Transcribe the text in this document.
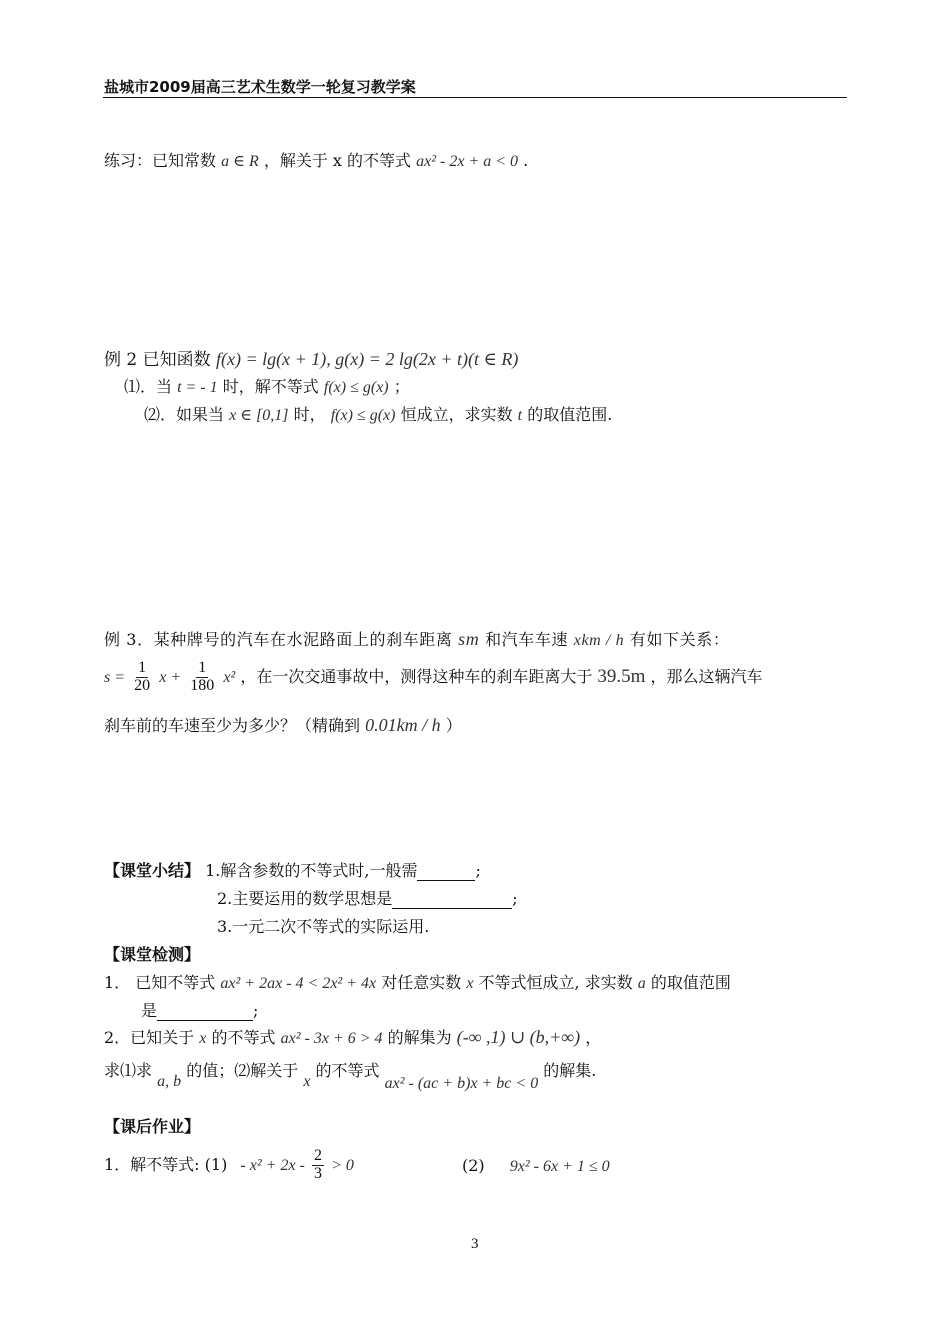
盐城市2009届高三艺术生数学一轮复习教学案
练习：已知常数 a ∈ R ，解关于 x 的不等式 ax² - 2x + a < 0 .
例 2 已知函数 f(x) = lg(x + 1), g(x) = 2 lg(2x + t)(t ∈ R)
⑴．当 t = - 1 时，解不等式 f(x) ≤ g(x) ；
⑵．如果当 x ∈ [0,1] 时， f(x) ≤ g(x) 恒成立，求实数 t 的取值范围.
例 3．某种牌号的汽车在水泥路面上的刹车距离 sm 和汽车车速 xkm / h 有如下关系：
$s = \frac{1}{20}$ $x + \frac{1}{180} x^2$ ，在一次交通事故中，测得这种车的刹车距离大于 39.5m ，那么这辆汽车
刹车前的车速至少为多少？（精确到 0.01km / h ）
【课堂小结】 1.解含参数的不等式时,一般需	;
2.主要运用的数学思想是	;
3.一元二次不等式的实际运用.
【课堂检测】
1． 已知不等式 ax² + 2ax - 4 < 2x² + 4x 对任意实数 x 不等式恒成立, 求实数 a 的取值范围
是	;
2．已知关于 x 的不等式 ax² - 3x + 6 > 4 的解集为 (-∞ ,1) ∪ (b,+∞) ，
求⑴求 a, b 的值；⑵解关于 x 的不等式 ax² - (ac + b)x + bc < 0 的解集.
【课后作业】
1．解不等式: $(1) - x^2 + 2x - \frac{2}{3} > 0$	(2) 9x² - 6x + 1 ≤ 0
3
